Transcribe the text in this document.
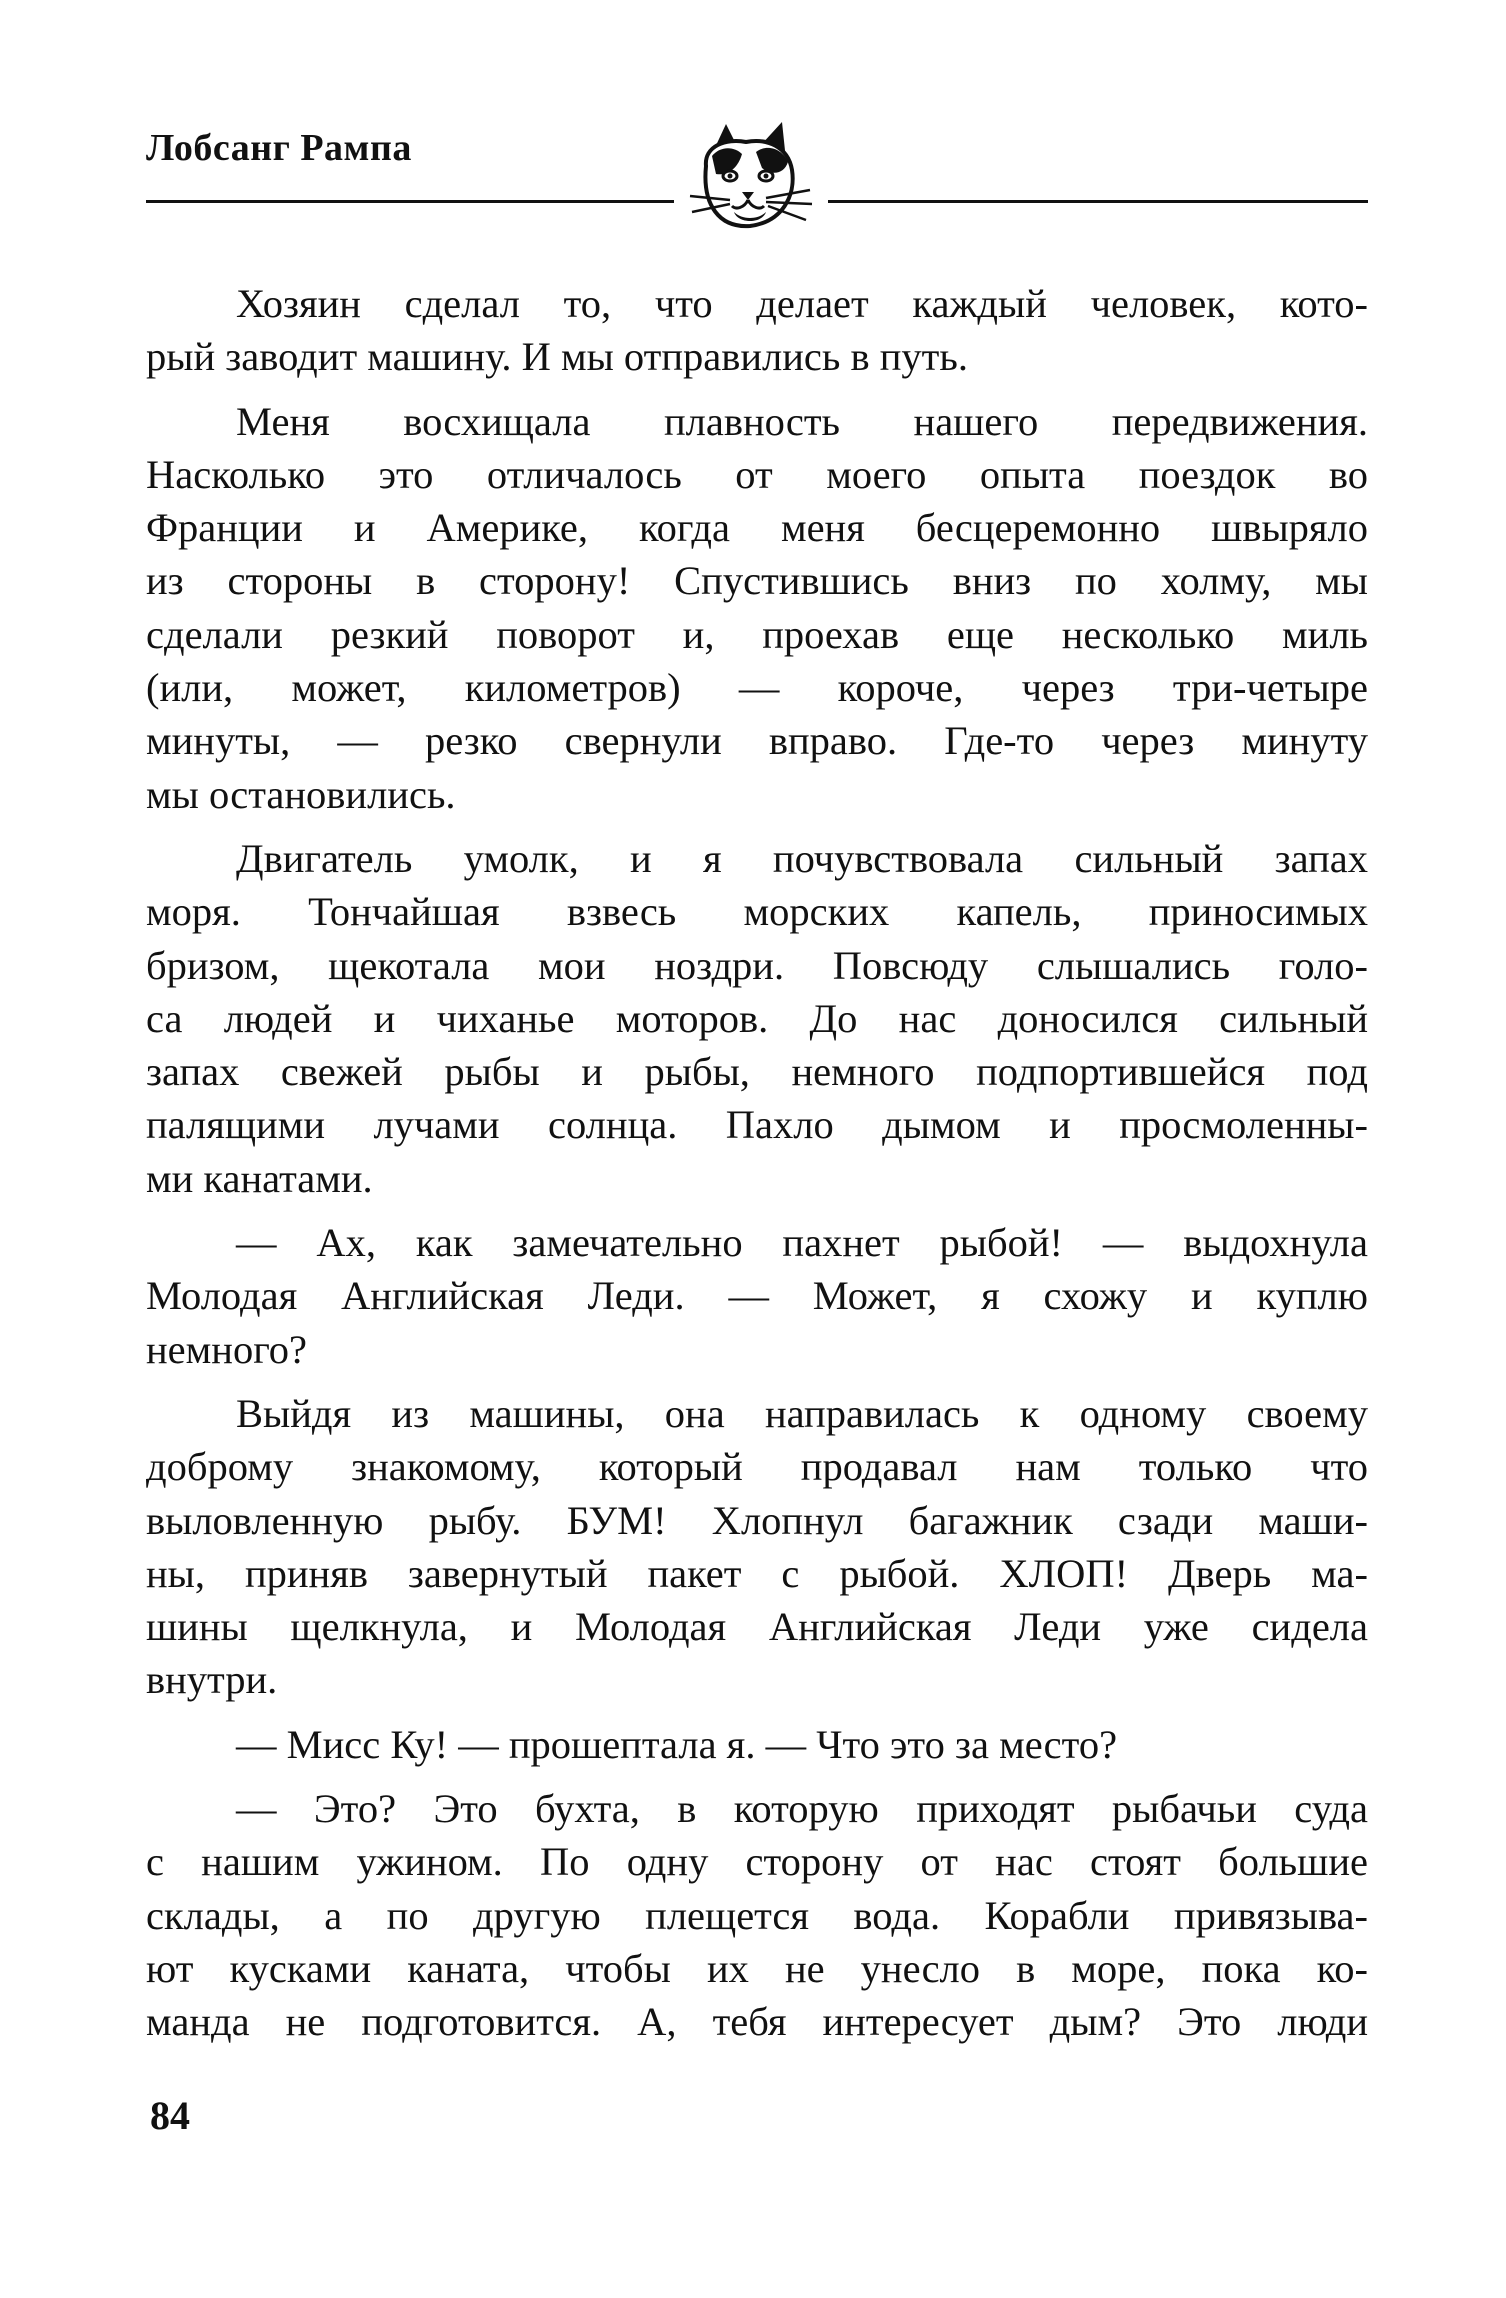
Лобсанг Рампа

Хозяин сделал то, что делает каждый человек, кото-
рый заводит машину. И мы отправились в путь.

Меня восхищала плавность нашего передвижения.
Насколько это отличалось от моего опыта поездок во
Франции и Америке, когда меня бесцеремонно швыряло
из стороны в сторону! Спустившись вниз по холму, мы
сделали резкий поворот и, проехав еще несколько миль
(или, может, километров) — короче, через три-четыре
минуты, — резко свернули вправо. Где-то через минуту
мы остановились.

Двигатель умолк, и я почувствовала сильный запах
моря. Тончайшая взвесь морских капель, приносимых
бризом, щекотала мои ноздри. Повсюду слышались голо-
са людей и чиханье моторов. До нас доносился сильный
запах свежей рыбы и рыбы, немного подпортившейся под
палящими лучами солнца. Пахло дымом и просмоленны-
ми канатами.

— Ах, как замечательно пахнет рыбой! — выдохнула
Молодая Английская Леди. — Может, я схожу и куплю
немного?

Выйдя из машины, она направилась к одному своему
доброму знакомому, который продавал нам только что
выловленную рыбу. БУМ! Хлопнул багажник сзади маши-
ны, приняв завернутый пакет с рыбой. ХЛОП! Дверь ма-
шины щелкнула, и Молодая Английская Леди уже сидела
внутри.

— Мисс Ку! — прошептала я. — Что это за место?

— Это? Это бухта, в которую приходят рыбачьи суда
с нашим ужином. По одну сторону от нас стоят большие
склады, а по другую плещется вода. Корабли привязыва-
ют кусками каната, чтобы их не унесло в море, пока ко-
манда не подготовится. А, тебя интересует дым? Это люди

84
